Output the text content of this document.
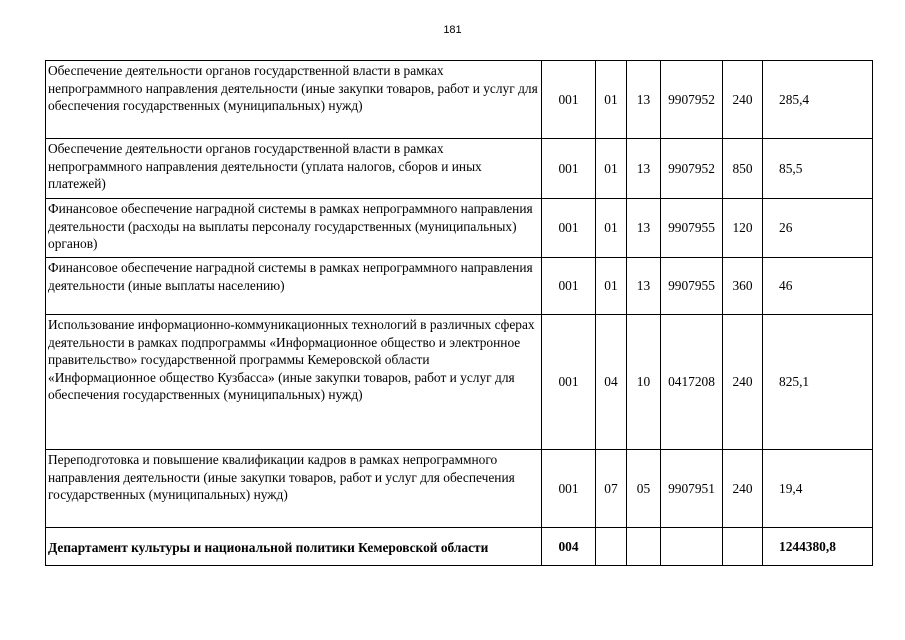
181
Обеспечение деятельности органов государственной власти в рамках непрограммного направления деятельности (иные закупки товаров, работ и услуг для обеспечения государственных (муниципальных) нужд)	001	01	13	9907952	240	285,4
Обеспечение деятельности органов государственной власти в рамках непрограммного направления деятельности (уплата налогов, сборов и иных платежей)	001	01	13	9907952	850	85,5
Финансовое обеспечение наградной системы в рамках непрограммного направления деятельности (расходы на выплаты персоналу государственных (муниципальных) органов)	001	01	13	9907955	120	26
Финансовое обеспечение наградной системы в рамках непрограммного направления деятельности (иные выплаты населению)	001	01	13	9907955	360	46
Использование информационно-коммуникационных технологий в различных сферах деятельности в рамках подпрограммы «Информационное общество и электронное правительство» государственной программы Кемеровской области «Информационное общество Кузбасса» (иные закупки товаров, работ и услуг для обеспечения государственных (муниципальных) нужд)	001	04	10	0417208	240	825,1
Переподготовка и повышение квалификации кадров в рамках непрограммного направления деятельности (иные закупки товаров, работ и услуг для обеспечения государственных (муниципальных) нужд)	001	07	05	9907951	240	19,4
Департамент культуры и национальной политики Кемеровской области	004					1244380,8
